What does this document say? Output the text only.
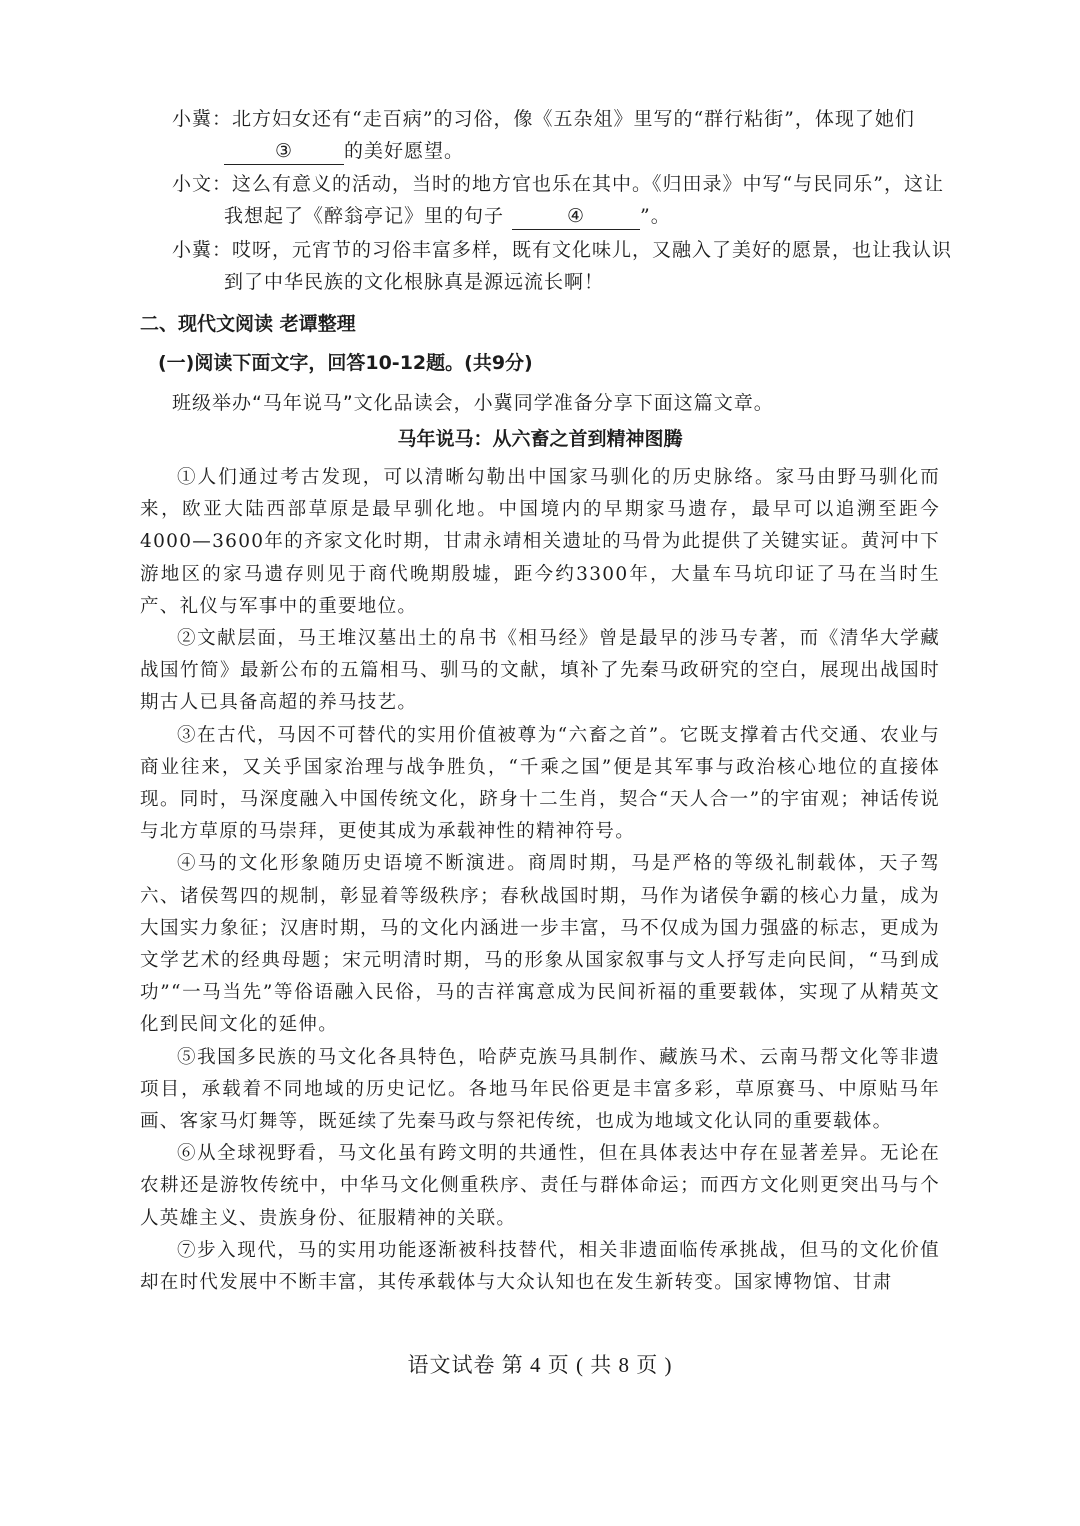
小冀：北方妇女还有“走百病”的习俗，像《五杂俎》里写的“群行粘街”，体现了她们
③	的美好愿望。
小文：这么有意义的活动，当时的地方官也乐在其中。《归田录》中写“与民同乐”，这让
我想起了《醉翁亭记》里的句子	④	”。
小冀：哎呀，元宵节的习俗丰富多样，既有文化味儿，又融入了美好的愿景，也让我认识
到了中华民族的文化根脉真是源远流长啊！
二、现代文阅读 老谭整理
(一)阅读下面文字，回答10-12题。(共9分)
班级举办“马年说马”文化品读会，小冀同学准备分享下面这篇文章。
马年说马：从六畜之首到精神图腾

①人们通过考古发现，可以清晰勾勒出中国家马驯化的历史脉络。家马由野马驯化而来，欧亚大陆西部草原是最早驯化地。中国境内的早期家马遗存，最早可以追溯至距今4000—3600年的齐家文化时期，甘肃永靖相关遗址的马骨为此提供了关键实证。黄河中下游地区的家马遗存则见于商代晚期殷墟，距今约3300年，大量车马坑印证了马在当时生产、礼仪与军事中的重要地位。

②文献层面，马王堆汉墓出土的帛书《相马经》曾是最早的涉马专著，而《清华大学藏战国竹简》最新公布的五篇相马、驯马的文献，填补了先秦马政研究的空白，展现出战国时期古人已具备高超的养马技艺。

③在古代，马因不可替代的实用价值被尊为“六畜之首”。它既支撑着古代交通、农业与商业往来，又关乎国家治理与战争胜负，“千乘之国”便是其军事与政治核心地位的直接体现。同时，马深度融入中国传统文化，跻身十二生肖，契合“天人合一”的宇宙观；神话传说与北方草原的马崇拜，更使其成为承载神性的精神符号。

④马的文化形象随历史语境不断演进。商周时期，马是严格的等级礼制载体，天子驾六、诸侯驾四的规制，彰显着等级秩序；春秋战国时期，马作为诸侯争霸的核心力量，成为大国实力象征；汉唐时期，马的文化内涵进一步丰富，马不仅成为国力强盛的标志，更成为文学艺术的经典母题；宋元明清时期，马的形象从国家叙事与文人抒写走向民间，“马到成功”“一马当先”等俗语融入民俗，马的吉祥寓意成为民间祈福的重要载体，实现了从精英文化到民间文化的延伸。

⑤我国多民族的马文化各具特色，哈萨克族马具制作、藏族马术、云南马帮文化等非遗项目，承载着不同地域的历史记忆。各地马年民俗更是丰富多彩，草原赛马、中原贴马年画、客家马灯舞等，既延续了先秦马政与祭祀传统，也成为地域文化认同的重要载体。

⑥从全球视野看，马文化虽有跨文明的共通性，但在具体表达中存在显著差异。无论在农耕还是游牧传统中，中华马文化侧重秩序、责任与群体命运；而西方文化则更突出马与个人英雄主义、贵族身份、征服精神的关联。

⑦步入现代，马的实用功能逐渐被科技替代，相关非遗面临传承挑战，但马的文化价值却在时代发展中不断丰富，其传承载体与大众认知也在发生新转变。国家博物馆、甘肃

语文试卷 第 4 页 ( 共 8 页 )
